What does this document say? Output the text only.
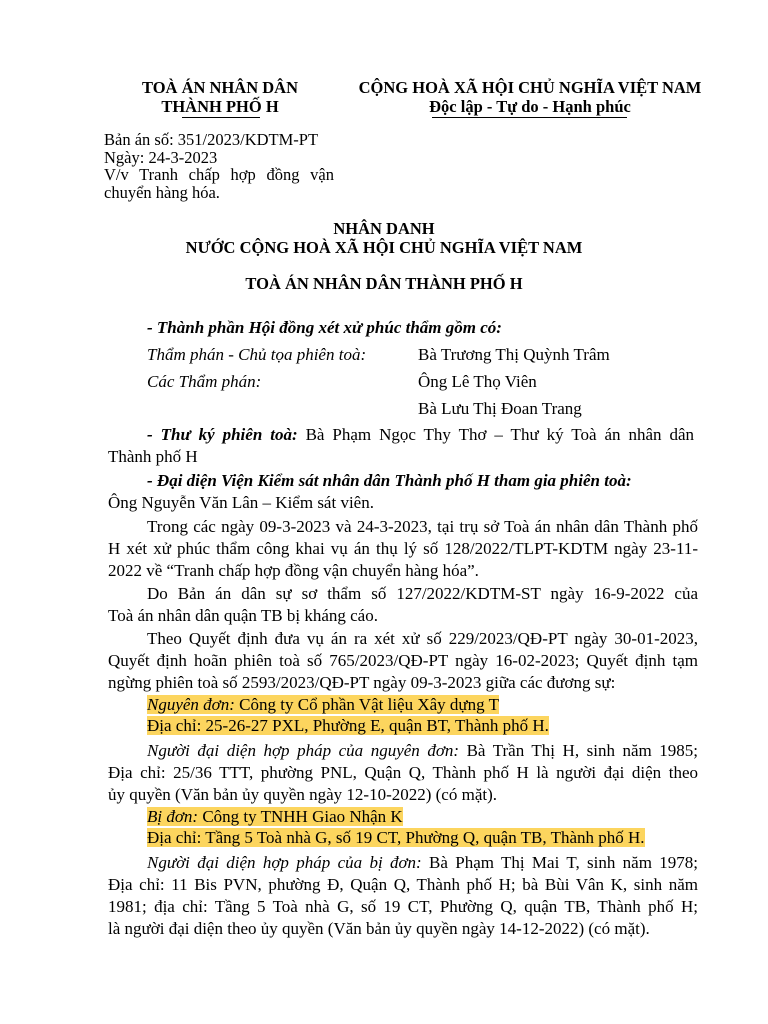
TOÀ ÁN NHÂN DÂN
THÀNH PHỐ H
CỘNG HOÀ XÃ HỘI CHỦ NGHĨA VIỆT NAM
Độc lập - Tự do - Hạnh phúc
Bản án số: 351/2023/KDTM-PT
Ngày: 24-3-2023
V/v Tranh chấp hợp đồng vận
chuyển hàng hóa.
NHÂN DANH
NƯỚC CỘNG HOÀ XÃ HỘI CHỦ NGHĨA VIỆT NAM
TOÀ ÁN NHÂN DÂN THÀNH PHỐ H
- Thành phần Hội đồng xét xử phúc thẩm gồm có:
Thẩm phán - Chủ tọa phiên toà:	Bà Trương Thị Quỳnh Trâm
Các Thẩm phán:	Ông Lê Thọ Viên
Bà Lưu Thị Đoan Trang
- Thư ký phiên toà: Bà Phạm Ngọc Thy Thơ – Thư ký Toà án nhân dân
Thành phố H
- Đại diện Viện Kiểm sát nhân dân Thành phố H tham gia phiên toà:
Ông Nguyễn Văn Lân – Kiểm sát viên.
Trong các ngày 09-3-2023 và 24-3-2023, tại trụ sở Toà án nhân dân Thành phố
H xét xử phúc thẩm công khai vụ án thụ lý số 128/2022/TLPT-KDTM ngày 23-11-
2022 về “Tranh chấp hợp đồng vận chuyển hàng hóa”.
Do Bản án dân sự sơ thẩm số 127/2022/KDTM-ST ngày 16-9-2022 của
Toà án nhân dân quận TB bị kháng cáo.
Theo Quyết định đưa vụ án ra xét xử số 229/2023/QĐ-PT ngày 30-01-2023,
Quyết định hoãn phiên toà số 765/2023/QĐ-PT ngày 16-02-2023; Quyết định tạm
ngừng phiên toà số 2593/2023/QĐ-PT ngày 09-3-2023 giữa các đương sự:
Nguyên đơn: Công ty Cổ phần Vật liệu Xây dựng T
Địa chỉ: 25-26-27 PXL, Phường E, quận BT, Thành phố H.
Người đại diện hợp pháp của nguyên đơn: Bà Trần Thị H, sinh năm 1985;
Địa chỉ: 25/36 TTT, phường PNL, Quận Q, Thành phố H là người đại diện theo
ủy quyền (Văn bản ủy quyền ngày 12-10-2022) (có mặt).
Bị đơn: Công ty TNHH Giao Nhận K
Địa chỉ: Tầng 5 Toà nhà G, số 19 CT, Phường Q, quận TB, Thành phố H.
Người đại diện hợp pháp của bị đơn: Bà Phạm Thị Mai T, sinh năm 1978;
Địa chỉ: 11 Bis PVN, phường Đ, Quận Q, Thành phố H; bà Bùi Vân K, sinh năm
1981; địa chỉ: Tầng 5 Toà nhà G, số 19 CT, Phường Q, quận TB, Thành phố H;
là người đại diện theo ủy quyền (Văn bản ủy quyền ngày 14-12-2022) (có mặt).
